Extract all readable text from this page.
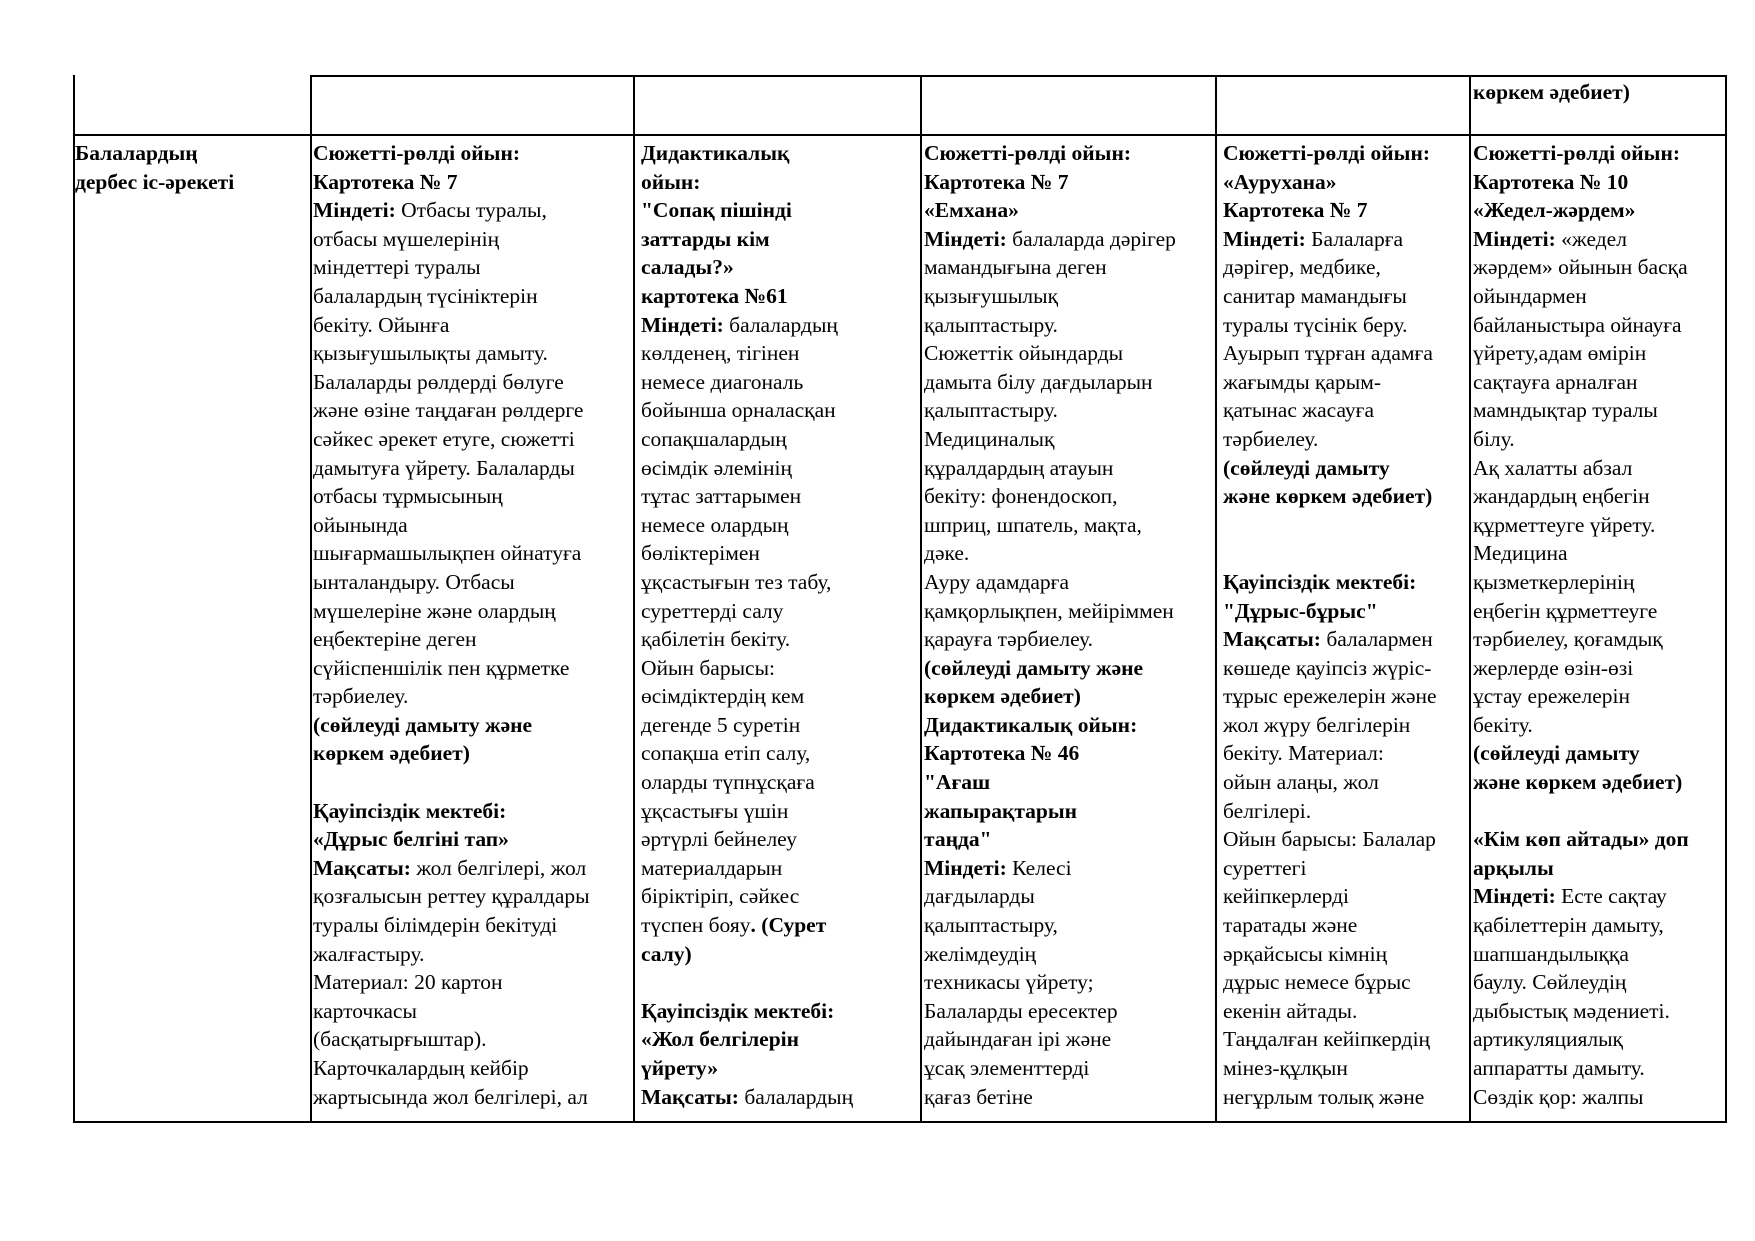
көркем әдебиет)
Балалардың
дербес іс-әрекеті
Сюжетті-рөлді ойын:
Картотека № 7
Міндеті: Отбасы туралы,
отбасы мүшелерінің
міндеттері туралы
балалардың түсініктерін
бекіту. Ойынға
қызығушылықты дамыту.
Балаларды рөлдерді бөлуге
және өзіне таңдаған рөлдерге
сәйкес әрекет етуге, сюжетті
дамытуға үйрету. Балаларды
отбасы тұрмысының
ойынында
шығармашылықпен ойнатуға
ынталандыру. Отбасы
мүшелеріне және олардың
еңбектеріне деген
сүйіспеншілік пен құрметке
тәрбиелеу.
(сөйлеуді дамыту және
көркем әдебиет)
Қауіпсіздік мектебі:
«Дұрыс белгіні тап»
Мақсаты: жол белгілері, жол
қозғалысын реттеу құралдары
туралы білімдерін бекітуді
жалғастыру.
Материал: 20 картон
карточкасы
(басқатырғыштар).
Карточкалардың кейбір
жартысында жол белгілері, ал
Дидактикалық
ойын:
"Сопақ пішінді
заттарды кім
салады?»
картотека №61
Міндеті: балалардың
көлденең, тігінен
немесе диагональ
бойынша орналасқан
сопақшалардың
өсімдік әлемінің
тұтас заттарымен
немесе олардың
бөліктерімен
ұқсастығын тез табу,
суреттерді салу
қабілетін бекіту.
Ойын барысы:
өсімдіктердің кем
дегенде 5 суретін
сопақша етіп салу,
оларды түпнұсқаға
ұқсастығы үшін
әртүрлі бейнелеу
материалдарын
біріктіріп, сәйкес
түспен бояу. (Сурет
салу)
Қауіпсіздік мектебі:
«Жол белгілерін
үйрету»
Мақсаты: балалардың
Сюжетті-рөлді ойын:
Картотека № 7
«Емхана»
Міндеті: балаларда дәрігер
мамандығына деген
қызығушылық
қалыптастыру.
Сюжеттік ойындарды
дамыта білу дағдыларын
қалыптастыру.
Медициналық
құралдардың атауын
бекіту: фонендоскоп,
шприц, шпатель, мақта,
дәке.
Ауру адамдарға
қамқорлықпен, мейіріммен
қарауға тәрбиелеу.
(сөйлеуді дамыту және
көркем әдебиет)
Дидактикалық ойын:
Картотека № 46
"Ағаш
жапырақтарын
таңда"
Міндеті: Келесі
дағдыларды
қалыптастыру,
желімдеудің
техникасы үйрету;
Балаларды ересектер
дайындаған ірі және
ұсақ элементтерді
қағаз бетіне
Сюжетті-рөлді ойын:
«Аурухана»
Картотека № 7
Міндеті: Балаларға
дәрігер, медбике,
санитар мамандығы
туралы түсінік беру.
Ауырып тұрған адамға
жағымды қарым-
қатынас жасауға
тәрбиелеу.
(сөйлеуді дамыту
және көркем әдебиет)
Қауіпсіздік мектебі:
"Дұрыс-бұрыс"
Мақсаты: балалармен
көшеде қауіпсіз жүріс-
тұрыс ережелерін және
жол жүру белгілерін
бекіту. Материал:
ойын алаңы, жол
белгілері.
Ойын барысы: Балалар
суреттегі
кейіпкерлерді
таратады және
әрқайсысы кімнің
дұрыс немесе бұрыс
екенін айтады.
Таңдалған кейіпкердің
мінез-құлқын
негұрлым толық және
Сюжетті-рөлді ойын:
Картотека № 10
«Жедел-жәрдем»
Міндеті: «жедел
жәрдем» ойынын басқа
ойындармен
байланыстыра ойнауға
үйрету,адам өмірін
сақтауға арналған
мамндықтар туралы
білу.
Ақ халатты абзал
жандардың еңбегін
құрметтеуге үйрету.
Медицина
қызметкерлерінің
еңбегін құрметтеуге
тәрбиелеу, қоғамдық
жерлерде өзін-өзі
ұстау ережелерін
бекіту.
(сөйлеуді дамыту
және көркем әдебиет)
«Кім көп айтады» доп
арқылы
Міндеті: Есте сақтау
қабілеттерін дамыту,
шапшандылыққа
баулу. Сөйлеудің
дыбыстық мәдениеті.
артикуляциялық
аппаратты дамыту.
Сөздік қор: жалпы
